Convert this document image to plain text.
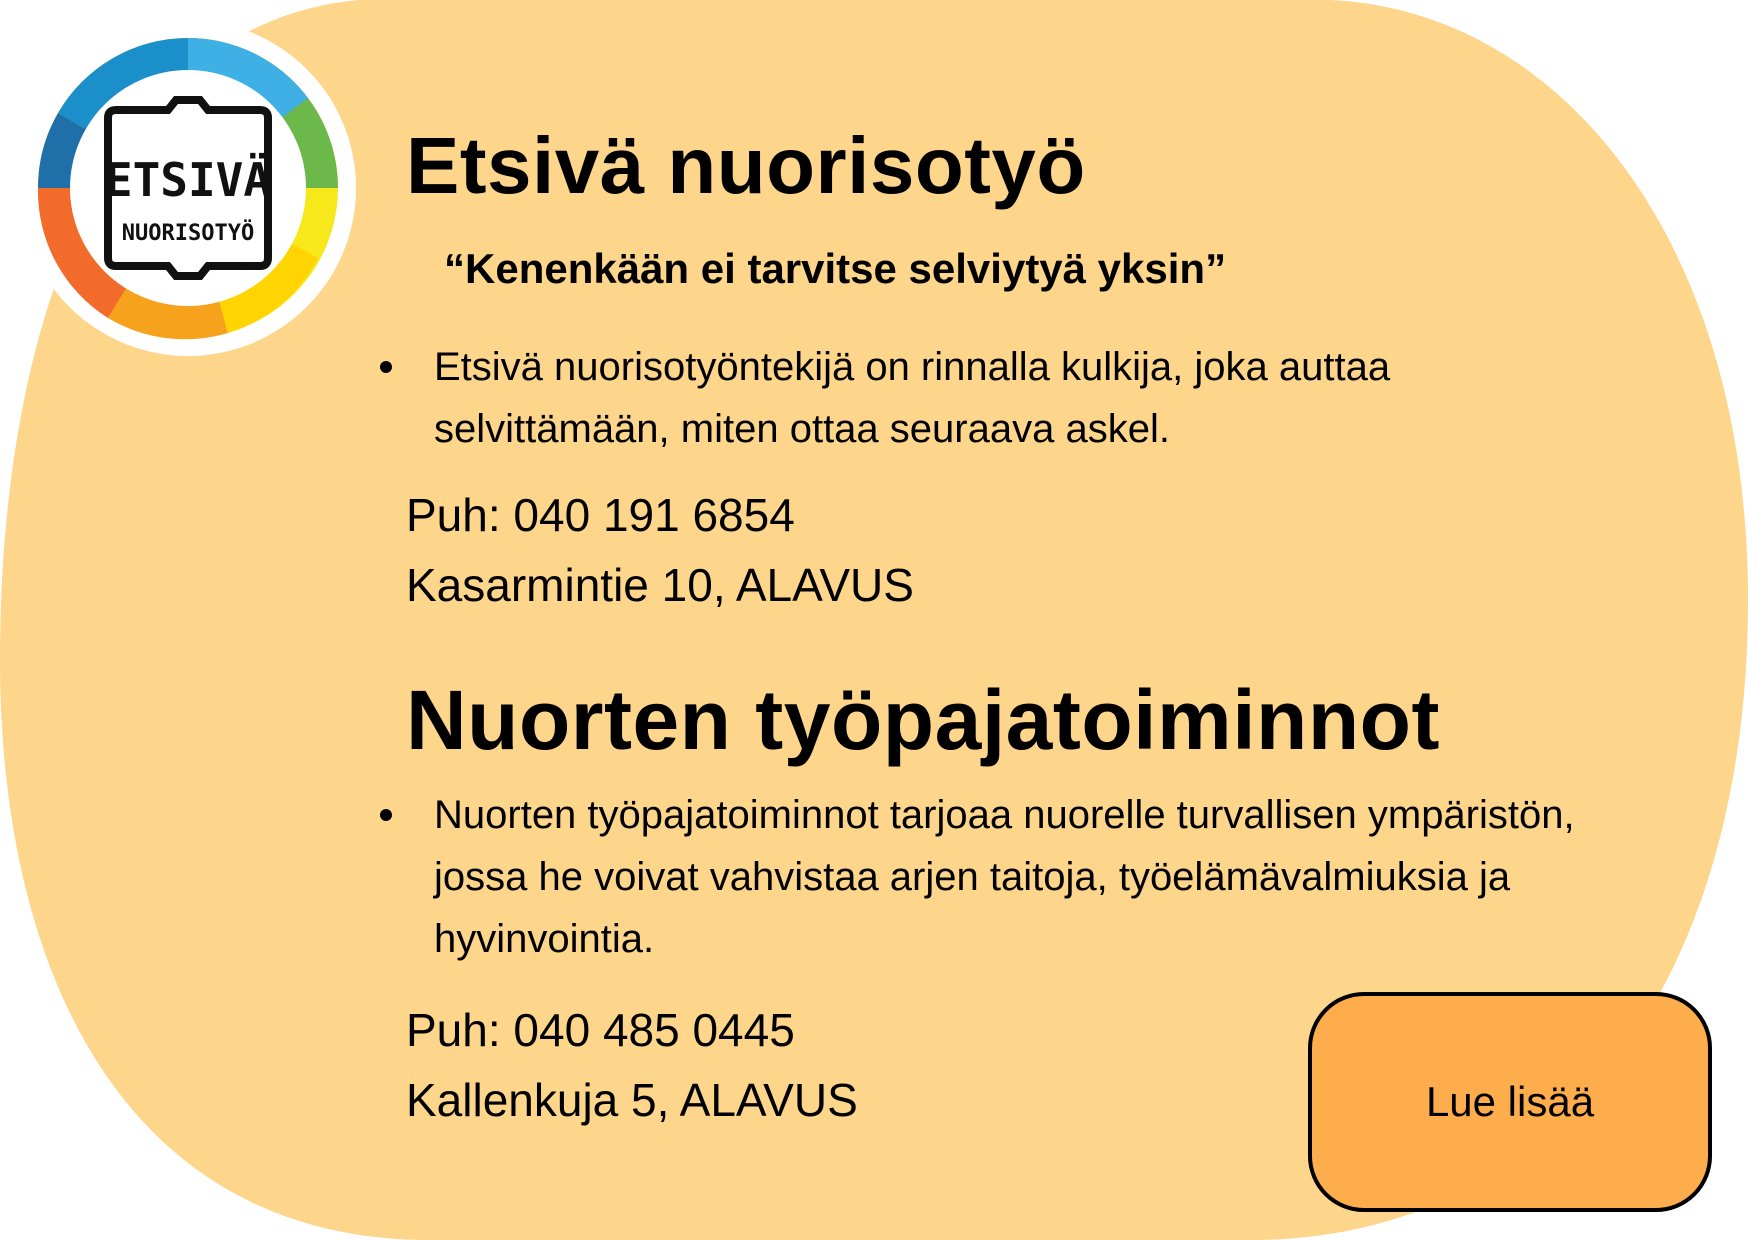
ETSIVÄ
NUORISOTYÖ
Etsivä nuorisotyö

“Kenenkään ei tarvitse selviytyä yksin”

Etsivä nuorisotyöntekijä on rinnalla kulkija, joka auttaa selvittämään, miten ottaa seuraava askel.

Puh: 040 191 6854

Kasarmintie 10, ALAVUS

Nuorten työpajatoiminnot

Nuorten työpajatoiminnot tarjoaa nuorelle turvallisen ympäristön, jossa he voivat vahvistaa arjen taitoja, työelämävalmiuksia ja hyvinvointia.

Puh: 040 485 0445

Kallenkuja 5, ALAVUS	Lue lisää
